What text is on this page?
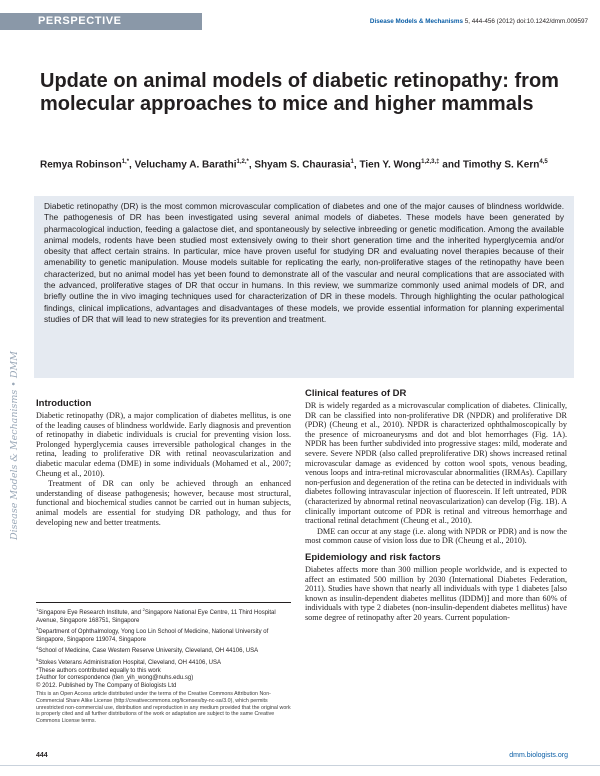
PERSPECTIVE	Disease Models & Mechanisms 5, 444-456 (2012) doi:10.1242/dmm.009597
Update on animal models of diabetic retinopathy: from molecular approaches to mice and higher mammals
Remya Robinson$^{1,*}$, Veluchamy A. Barathi$^{1,2,*}$, Shyam S. Chaurasia$^1$, Tien Y. Wong$^{1,2,3,\ddagger}$ and Timothy S. Kern$^{4,5}$

Diabetic retinopathy (DR) is the most common microvascular complication of diabetes and one of the major causes of blindness worldwide. The pathogenesis of DR has been investigated using several animal models of diabetes. These models have been generated by pharmacological induction, feeding a galactose diet, and spontaneously by selective inbreeding or genetic modification. Among the available animal models, rodents have been studied most extensively owing to their short generation time and the inherited hyperglycemia and/or obesity that affect certain strains. In particular, mice have proven useful for studying DR and evaluating novel therapies because of their amenability to genetic manipulation. Mouse models suitable for replicating the early, non-proliferative stages of the retinopathy have been characterized, but no animal model has yet been found to demonstrate all of the vascular and neural complications that are associated with the advanced, proliferative stages of DR that occur in humans. In this review, we summarize commonly used animal models of DR, and briefly outline the in vivo imaging techniques used for characterization of DR in these models. Through highlighting the ocular pathological findings, clinical implications, advantages and disadvantages of these models, we provide essential information for planning experimental studies of DR that will lead to new strategies for its prevention and treatment.

Disease Models & Mechanisms • DMM Introduction

Diabetic retinopathy (DR), a major complication of diabetes mellitus, is one of the leading causes of blindness worldwide. Early diagnosis and prevention of retinopathy in diabetic individuals is crucial for preventing vision loss. Prolonged hyperglycemia causes irreversible pathological changes in the retina, leading to proliferative DR with retinal neovascularization and diabetic macular edema (DME) in some individuals (Mohamed et al., 2007; Cheung et al., 2010).

Treatment of DR can only be achieved through an enhanced understanding of disease pathogenesis; however, because most structural, functional and biochemical studies cannot be carried out in human subjects, animal models are essential for studying DR pathology, and thus for developing new and better treatments.

$^1$Singapore Eye Research Institute, and $^2$Singapore National Eye Centre, 11 Third Hospital Avenue, Singapore 168751, Singapore
$^3$Department of Ophthalmology, Yong Loo Lin School of Medicine, National University of Singapore, Singapore 119074, Singapore
$^4$School of Medicine, Case Western Reserve University, Cleveland, OH 44106, USA
$^5$Stokes Veterans Administration Hospital, Cleveland, OH 44106, USA
*These authors contributed equally to this work
‡Author for correspondence (tien_yih_wong@nuhs.edu.sg)
© 2012. Published by The Company of Biologists Ltd
This is an Open Access article distributed under the terms of the Creative Commons Attribution Non-Commercial Share Alike License (http://creativecommons.org/licenses/by-nc-sa/3.0), which permits unrestricted non-commercial use, distribution and reproduction in any medium provided that the original work is properly cited and all further distributions of the work or adaptation are subject to the same Creative Commons License terms.
Clinical features of DR

DR is widely regarded as a microvascular complication of diabetes. Clinically, DR can be classified into non-proliferative DR (NPDR) and proliferative DR (PDR) (Cheung et al., 2010). NPDR is characterized ophthalmoscopically by the presence of microaneurysms and dot and blot hemorrhages (Fig. 1A). NPDR has been further subdivided into progressive stages: mild, moderate and severe. Severe NPDR (also called preproliferative DR) shows increased retinal microvascular damage as evidenced by cotton wool spots, venous beading, venous loops and intra-retinal microvascular abnormalities (IRMAs). Capillary non-perfusion and degeneration of the retina can be detected in individuals with diabetes following intravascular injection of fluorescein. If left untreated, PDR (characterized by abnormal retinal neovascularization) can develop (Fig. 1B). A clinically important outcome of PDR is retinal and vitreous hemorrhage and tractional retinal detachment (Cheung et al., 2010).

DME can occur at any stage (i.e. along with NPDR or PDR) and is now the most common cause of vision loss due to DR (Cheung et al., 2010).

Epidemiology and risk factors

Diabetes affects more than 300 million people worldwide, and is expected to affect an estimated 500 million by 2030 (International Diabetes Federation, 2011). Studies have shown that nearly all individuals with type 1 diabetes [also known as insulin-dependent diabetes mellitus (IDDM)] and more than 60% of individuals with type 2 diabetes (non-insulin-dependent diabetes mellitus) have some degree of retinopathy after 20 years. Current population-

444	dmm.biologists.org
